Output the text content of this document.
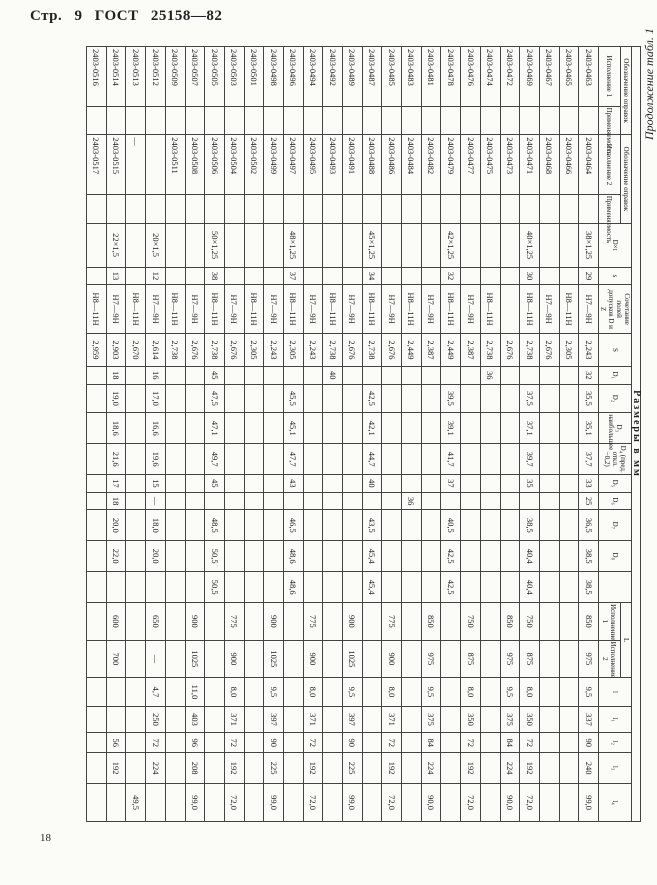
Стр. 9 ГОСТ 25158—82
Продолжение табл. 1
Размеры в мм																							
Обозначение оправок		Обозначение оправок		D×t	s	Сочетание полей допусков D и Z	S	D₁	D₂	D₃ наибольшее	D₄ (пред. откл. −0,2)	D₅	D₆	D₇	D₈		L		l	l₁	l₂	l₃	l₄
Исполнение 1	Применяемость	Исполнение 2	Применяемость														Исполнение 1	Исполнение 2					
2403-0463		2403-0464		38×1,25	29	H7—9H	2,243	32	35,5	35,1	37,7	33	25	36,5	38,5	38,5	850	975	9,5	337	90	240	99,0
2403-0465		2403-0466				H8—11H	2,305																
2403-0467		2403-0468				H7—9H	2,676																
2403-0469		2403-0471		40×1,25	30	H8—11H	2,738		37,5	37,1	39,7	35		38,5	40,4	40,4	750	875	8,0	350	72	192	72,0
2403-0472		2403-0473					2,676										850	975	9,5	375	84	224	90,0
2403-0474		2403-0475				H8—11H	2,738	36															
2403-0476		2403-0477				H7—9H	2,387										750	875	8,0	350	72	192	72,0
2403-0478		2403-0479		42×1,25	32	H8—11H	2,449		39,5	39,1	41,7	37		40,5	42,5	42,5							
2403-0481		2403-0482				H7—9H	2,387										850	975	9,5	375	84	224	90,0
2403-0483		2403-0484				H8—11H	2,449						36										
2403-0485		2403-0486				H7—9H	2,676										775	900	8,0	371	72	192	72,0
2403-0487		2403-0488		45×1,25	34	H8—11H	2,738		42,5	42,1	44,7	40		43,5	45,4	45,4							
2403-0489		2403-0491				H7—9H	2,676										900	1025	9,5	397	90	225	99,0
2403-0492		2403-0493				H8—11H	2,738	40															
2403-0494		2403-0495				H7—9H	2,243										775	900	8,0	371	72	192	72,0
2403-0496		2403-0497		48×1,25	37	H8—11H	2,305		45,5	45,1	47,7	43		46,5	48,6	48,6							
2403-0498		2403-0499				H7—9H	2,243										900	1025	9,5	397	90	225	99,0
2403-0501		2403-0502				H8—11H	2,305																
2403-0503		2403-0504				H7—9H	2,676										775	900	8,0	371	72	192	72,0
2403-0505		2403-0506		50×1,25	38	H8—11H	2,738	45	47,5	47,1	49,7	45		48,5	50,5	50,5							
2403-0507		2403-0508				H7—9H	2,676										900	1025	11,0	403	96	208	99,0
2403-0509		2403-0511				H8—11H	2,738																
2403-0512				20×1,5	12	H7—9H	2,614	16	17,0	16,6	19,6	15	—	18,0	20,0		650	—	4,7	250	72	224	
2403-0513		—				H8—11H	2,670																49,5
2403-0514		2403-0515		22×1,5	13	H7—9H	2,903	18	19,0	18,6	21,6	17	18	20,0	22,0		600	700			56	192	
2403-0516		2403-0517				H8—11H	2,959																
18
